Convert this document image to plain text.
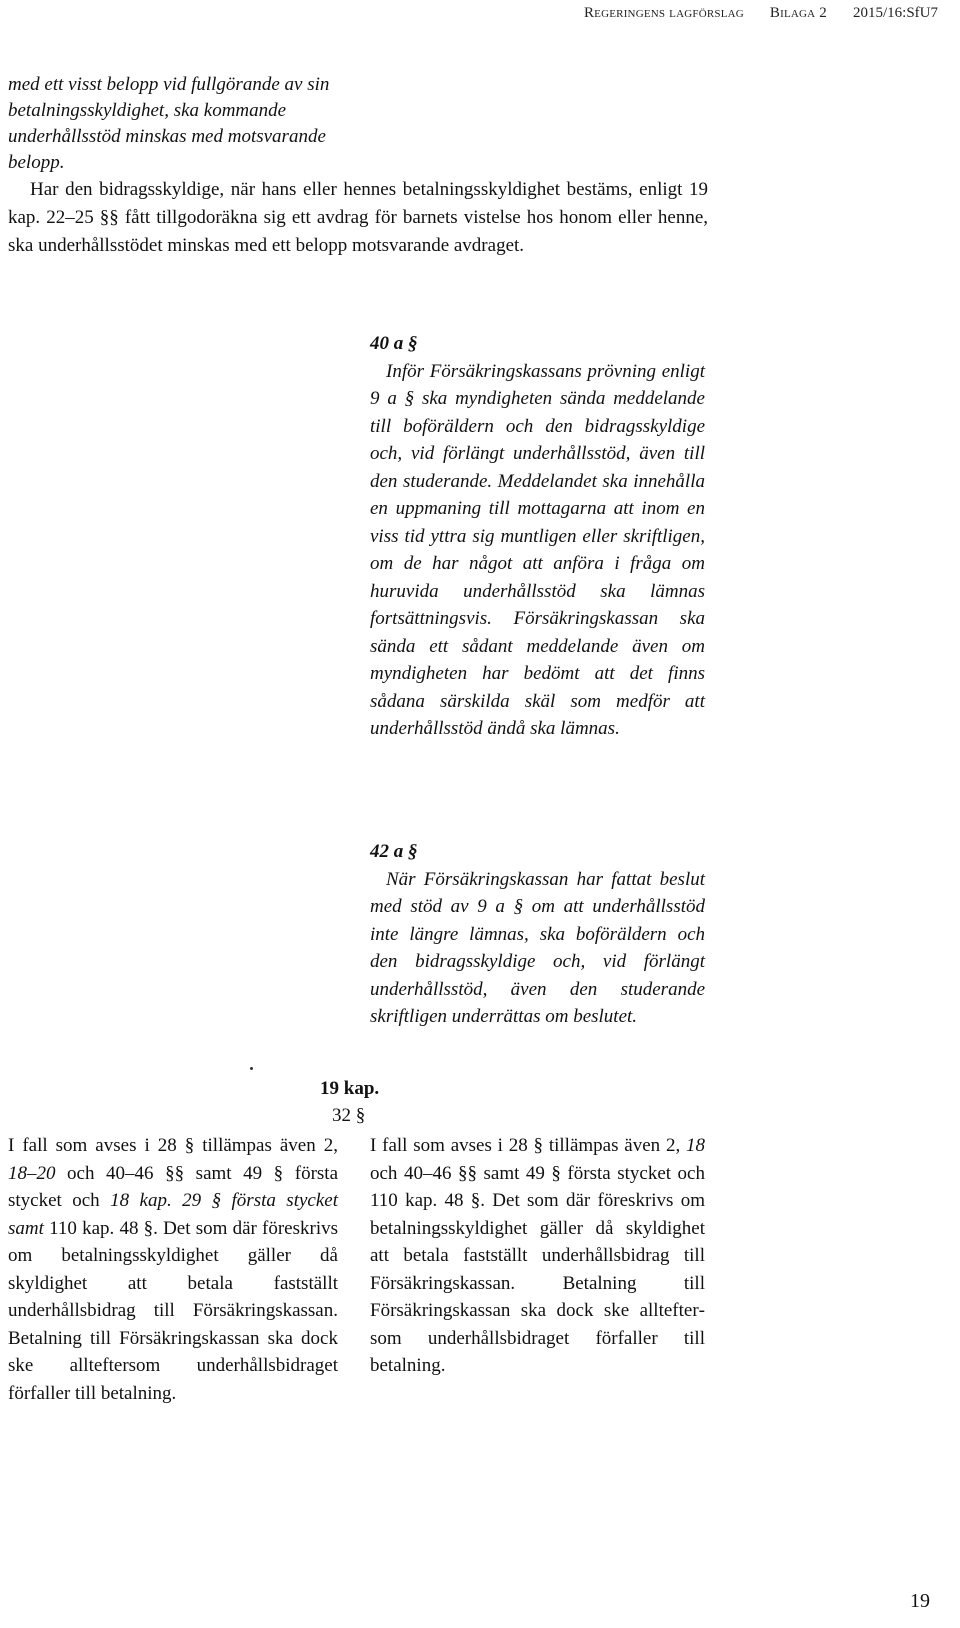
Regeringens lagförslag Bilaga 2 2015/16:SfU7

med ett visst belopp vid fullgörande av sin betalningsskyldighet, ska kommande underhållsstöd minskas med motsvarande belopp.

Har den bidragsskyldige, när hans eller hennes betalningsskyldighet bestäms, enligt 19 kap. 22–25 §§ fått tillgodoräkna sig ett avdrag för barnets vistelse hos honom eller henne, ska underhållsstödet minskas med ett belopp motsvarande avdraget.

40 a §

Inför Försäkringskassans prövning enligt 9 a § ska myndigheten sända meddelande till boföräldern och den bidragsskyldige och, vid förlängt underhållsstöd, även till den studerande. Meddelandet ska innehålla en uppmaning till mottagarna att inom en viss tid yttra sig muntligen eller skriftligen, om de har något att anföra i fråga om huruvida underhållsstöd ska lämnas fortsättningsvis. Försäkringskassan ska sända ett sådant meddelande även om myndigheten har bedömt att det finns sådana särskilda skäl som medför att underhållsstöd ändå ska lämnas.

42 a §

När Försäkringskassan har fattat beslut med stöd av 9 a § om att underhållsstöd inte längre lämnas, ska boföräldern och den bidragsskyldige och, vid förlängt underhållsstöd, även den studerande skriftligen underrättas om beslutet.

19 kap.

32 §

I fall som avses i 28 § tillämpas även 2, 18–20 och 40–46 §§ samt 49 § första stycket och 18 kap. 29 § första stycket samt 110 kap. 48 §. Det som där föreskrivs om betalningsskyldighet gäller då skyldighet att betala fastställt underhållsbidrag till Försäkringskassan. Betalning till Försäkringskassan ska dock ske allteftersom underhållsbidraget förfaller till betalning.

I fall som avses i 28 § tillämpas även 2, 18 och 40–46 §§ samt 49 § första stycket och 110 kap. 48 §. Det som där föreskrivs om betalningsskyldighet gäller då skyldighet att betala fastställt underhållsbidrag till Försäkringskassan. Betalning till Försäkringskassan ska dock ske allteftersom underhållsbidraget förfaller till betalning.

19
